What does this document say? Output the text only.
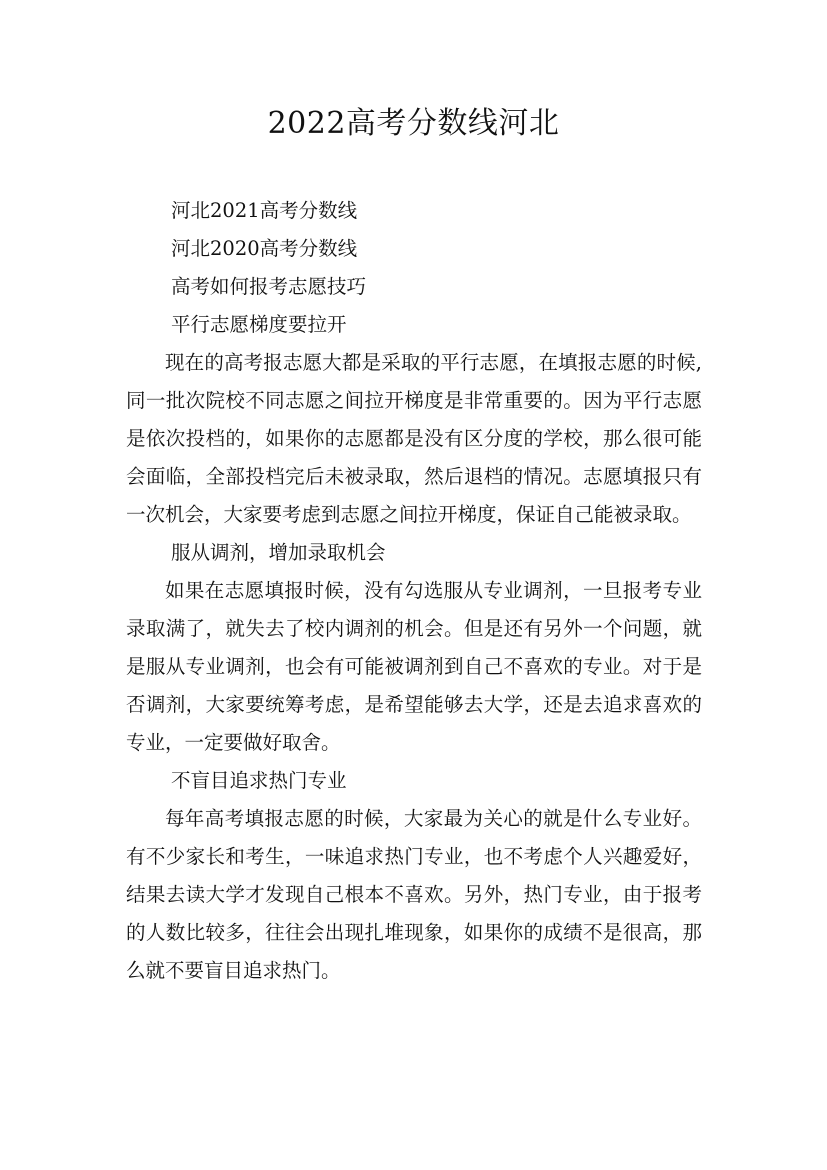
2022高考分数线河北

河北2021高考分数线

河北2020高考分数线

高考如何报考志愿技巧

平行志愿梯度要拉开

现在的高考报志愿大都是采取的平行志愿，在填报志愿的时候,同一批次院校不同志愿之间拉开梯度是非常重要的。因为平行志愿是依次投档的，如果你的志愿都是没有区分度的学校，那么很可能会面临，全部投档完后未被录取，然后退档的情况。志愿填报只有一次机会，大家要考虑到志愿之间拉开梯度，保证自己能被录取。

服从调剂，增加录取机会

如果在志愿填报时候，没有勾选服从专业调剂，一旦报考专业录取满了，就失去了校内调剂的机会。但是还有另外一个问题，就是服从专业调剂，也会有可能被调剂到自己不喜欢的专业。对于是否调剂，大家要统筹考虑，是希望能够去大学，还是去追求喜欢的专业，一定要做好取舍。

不盲目追求热门专业

每年高考填报志愿的时候，大家最为关心的就是什么专业好。有不少家长和考生，一味追求热门专业，也不考虑个人兴趣爱好，结果去读大学才发现自己根本不喜欢。另外，热门专业，由于报考的人数比较多，往往会出现扎堆现象，如果你的成绩不是很高，那么就不要盲目追求热门。
